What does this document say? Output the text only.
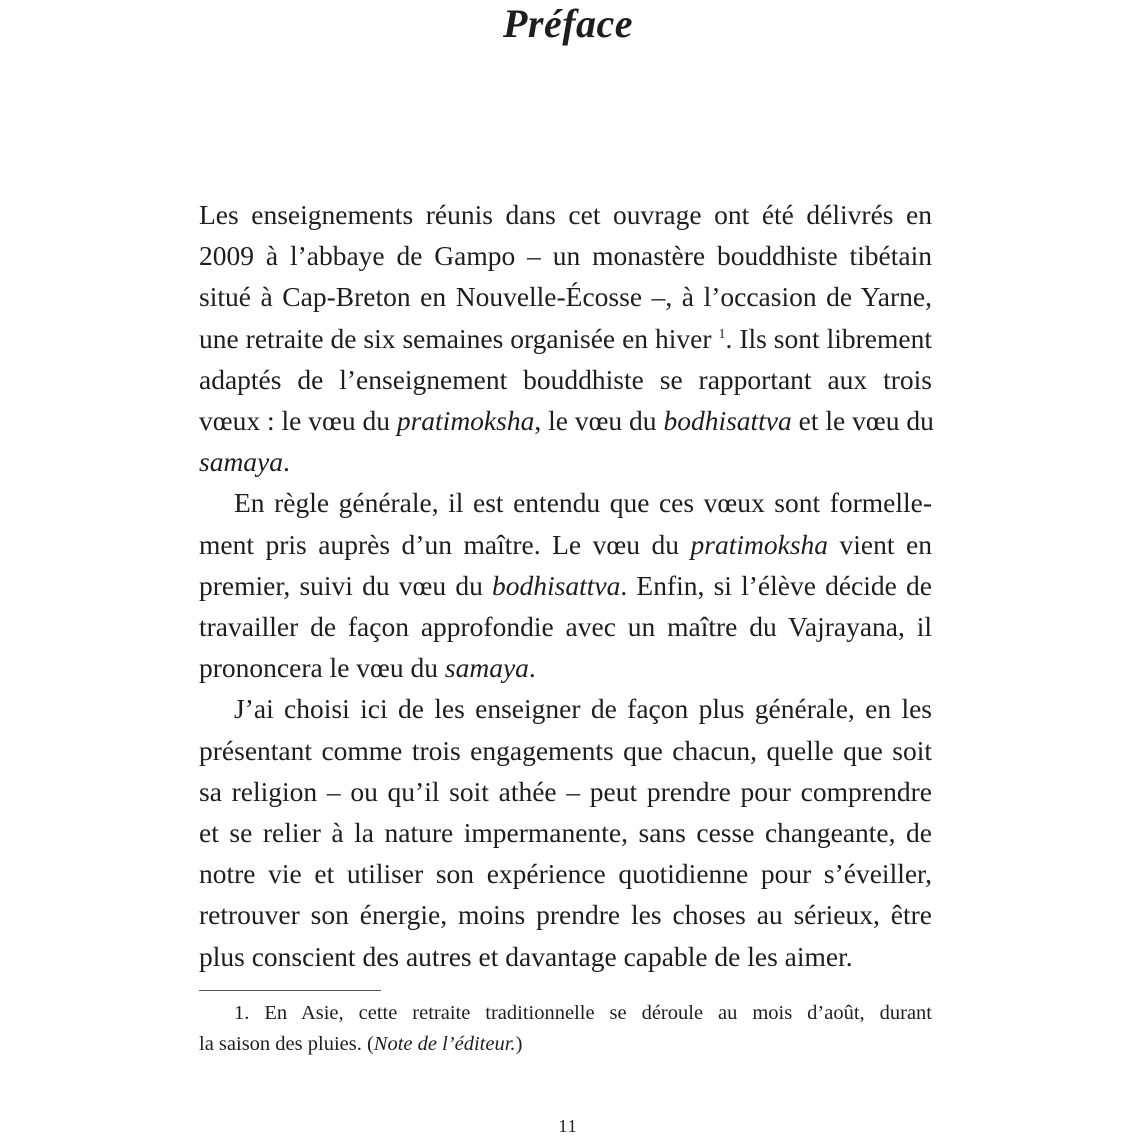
Préface

Les enseignements réunis dans cet ouvrage ont été délivrés en
2009 à l’abbaye de Gampo – un monastère bouddhiste tibétain
situé à Cap-Breton en Nouvelle-Écosse –, à l’occasion de Yarne,
une retraite de six semaines organisée en hiver $^1$. Ils sont librement
adaptés de l’enseignement bouddhiste se rapportant aux trois
vœux : le vœu du pratimoksha, le vœu du bodhisattva et le vœu du
samaya.

En règle générale, il est entendu que ces vœux sont formelle-
ment pris auprès d’un maître. Le vœu du pratimoksha vient en
premier, suivi du vœu du bodhisattva. Enfin, si l’élève décide de
travailler de façon approfondie avec un maître du Vajrayana, il
prononcera le vœu du samaya.

J’ai choisi ici de les enseigner de façon plus générale, en les
présentant comme trois engagements que chacun, quelle que soit
sa religion – ou qu’il soit athée – peut prendre pour comprendre
et se relier à la nature impermanente, sans cesse changeante, de
notre vie et utiliser son expérience quotidienne pour s’éveiller,
retrouver son énergie, moins prendre les choses au sérieux, être
plus conscient des autres et davantage capable de les aimer.

1. En Asie, cette retraite traditionnelle se déroule au mois d’août, durant
la saison des pluies. (Note de l’éditeur.)
11
